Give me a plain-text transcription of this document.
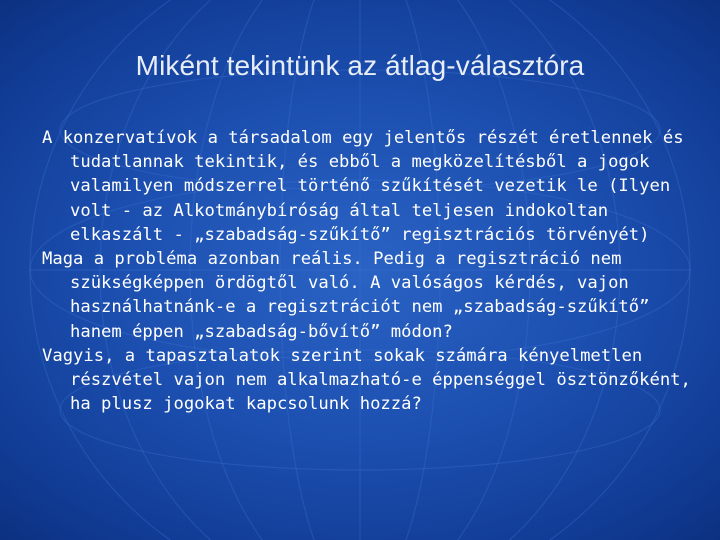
Miként tekintünk az átlag-választóra

A konzervatívok a társadalom egy jelentős részét éretlennek és tudatlannak tekintik, és ebből a megközelítésből a jogok valamilyen módszerrel történő szűkítését vezetik le (Ilyen volt - az Alkotmánybíróság által teljesen indokoltan elkaszált - „szabadság-szűkítő” regisztrációs törvényét)

Maga a probléma azonban reális. Pedig a regisztráció nem szükségképpen ördögtől való. A valóságos kérdés, vajon használhatnánk-e a regisztrációt nem „szabadság-szűkítő” hanem éppen „szabadság-bővítő” módon?

Vagyis, a tapasztalatok szerint sokak számára kényelmetlen részvétel vajon nem alkalmazható-e éppenséggel ösztönzőként, ha plusz jogokat kapcsolunk hozzá?
